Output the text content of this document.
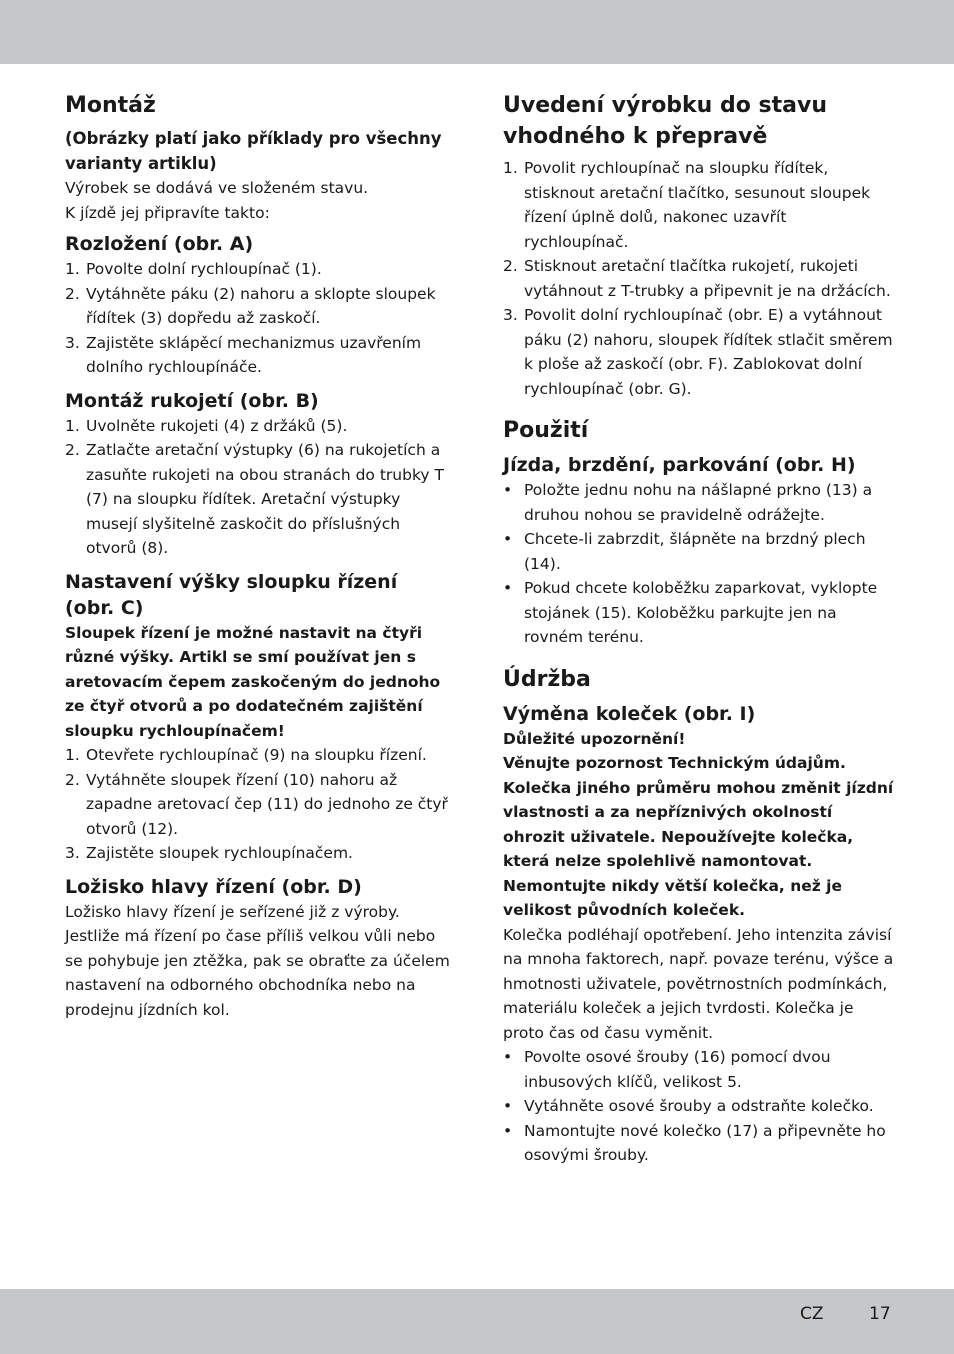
Montáž

(Obrázky platí jako příklady pro všechny varianty artiklu)

Výrobek se dodává ve složeném stavu.

K jízdě jej připravíte takto:

Rozložení (obr. A)
1. Povolte dolní rychloupínač (1).
2. Vytáhněte páku (2) nahoru a sklopte sloupek řídítek (3) dopředu až zaskočí.
3. Zajistěte sklápěcí mechanizmus uzavřením dolního rychloupínáče.
Montáž rukojetí (obr. B)
1. Uvolněte rukojeti (4) z držáků (5).
2. Zatlačte aretační výstupky (6) na rukojetích a zasuňte rukojeti na obou stranách do trubky T (7) na sloupku řídítek. Aretační výstupky musejí slyšitelně zaskočit do příslušných otvorů (8).
Nastavení výšky sloupku řízení (obr. C)

Sloupek řízení je možné nastavit na čtyři různé výšky. Artikl se smí používat jen s aretovacím čepem zaskočeným do jednoho ze čtyř otvorů a po dodatečném zajištění sloupku rychloupínačem!

1. Otevřete rychloupínač (9) na sloupku řízení.
2. Vytáhněte sloupek řízení (10) nahoru až zapadne aretovací čep (11) do jednoho ze čtyř otvorů (12).
3. Zajistěte sloupek rychloupínačem.
Ložisko hlavy řízení (obr. D)

Ložisko hlavy řízení je seřízené již z výroby. Jestliže má řízení po čase příliš velkou vůli nebo se pohybuje jen ztěžka, pak se obraťte za účelem nastavení na odborného obchodníka nebo na prodejnu jízdních kol.

Uvedení výrobku do stavu vhodného k přepravě
1. Povolit rychloupínač na sloupku řídítek, stisknout aretační tlačítko, sesunout sloupek řízení úplně dolů, nakonec uzavřít rychloupínač.
2. Stisknout aretační tlačítka rukojetí, rukojeti vytáhnout z T-trubky a připevnit je na držácích.
3. Povolit dolní rychloupínač (obr. E) a vytáhnout páku (2) nahoru, sloupek řídítek stlačit směrem k ploše až zaskočí (obr. F). Zablokovat dolní rychloupínač (obr. G).
Použití
Jízda, brzdění, parkování (obr. H)
• Položte jednu nohu na nášlapné prkno (13) a druhou nohou se pravidelně odrážejte.
• Chcete-li zabrzdit, šlápněte na brzdný plech (14).
• Pokud chcete koloběžku zaparkovat, vyklopte stojánek (15). Koloběžku parkujte jen na rovném terénu.
Údržba
Výměna koleček (obr. I)

Důležité upozornění!

Věnujte pozornost Technickým údajům. Kolečka jiného průměru mohou změnit jízdní vlastnosti a za nepříznivých okolností ohrozit uživatele. Nepoužívejte kolečka, která nelze spolehlivě namontovat. Nemontujte nikdy větší kolečka, než je velikost původních koleček.

Kolečka podléhají opotřebení. Jeho intenzita závisí na mnoha faktorech, např. povaze terénu, výšce a hmotnosti uživatele, povětrnostních podmínkách, materiálu koleček a jejich tvrdosti. Kolečka je proto čas od času vyměnit.

• Povolte osové šrouby (16) pomocí dvou inbusových klíčů, velikost 5.
• Vytáhněte osové šrouby a odstraňte kolečko.
• Namontujte nové kolečko (17) a připevněte ho osovými šrouby.
CZ	17
